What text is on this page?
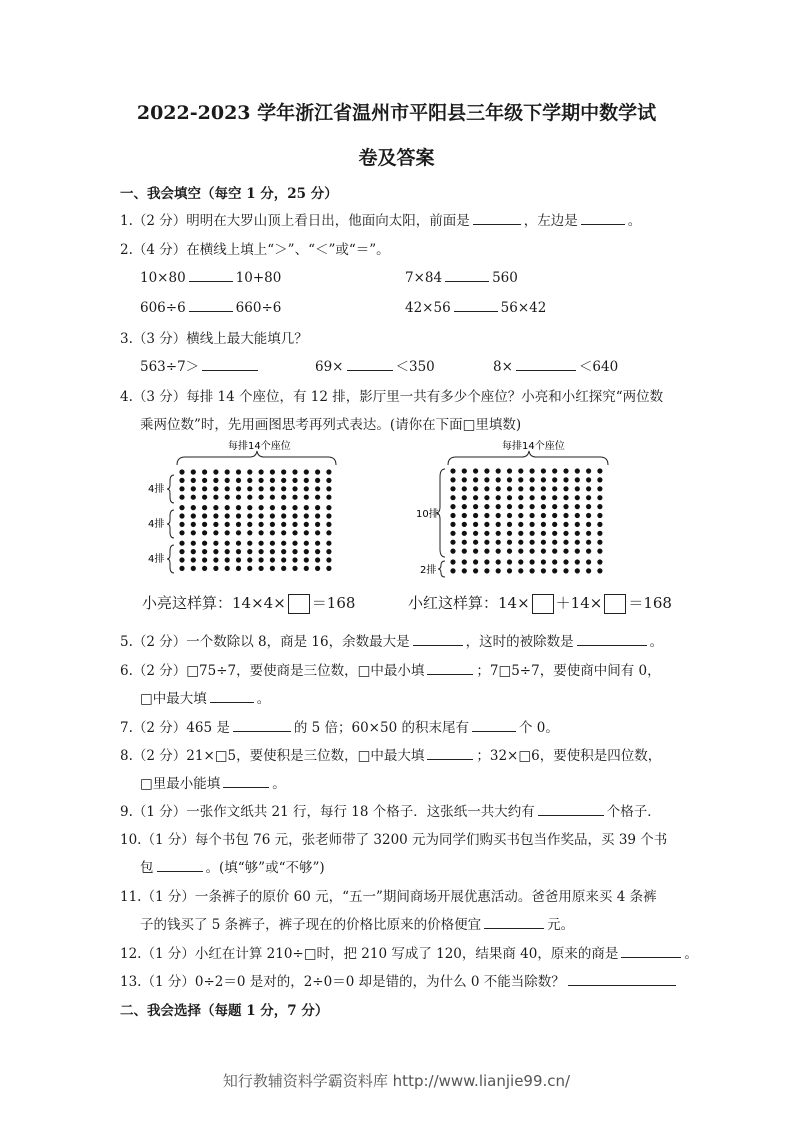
2022-2023 学年浙江省温州市平阳县三年级下学期中数学试
卷及答案
一、我会填空（每空 1 分，25 分）
1.（2 分）明明在大罗山顶上看日出，他面向太阳，前面是	，左边是	。
2.（4 分）在横线上填上“＞”、“＜”或“＝”。
10×80	10+80	7×84	560
606÷6	660÷6	42×56	56×42
3.（3 分）横线上最大能填几？
563÷7＞	69×	＜350	8×	＜640
4.（3 分）每排 14 个座位，有 12 排，影厅里一共有多少个座位？小亮和小红探究“两位数
乘两位数”时，先用画图思考再列式表达。(请你在下面□里填数)
每排14个座位
4排
4排
4排
小亮这样算：14×4× ＝168
每排14个座位
10排
2排
小红这样算：14× ＋14× ＝168
5.（2 分）一个数除以 8，商是 16，余数最大是	，这时的被除数是	。
6.（2 分）□75÷7，要使商是三位数，□中最小填	；7□5÷7，要使商中间有 0，
□中最大填	。
7.（2 分）465 是	的 5 倍；60×50 的积末尾有	个 0。
8.（2 分）21×□5，要使积是三位数，□中最大填	；32×□6，要使积是四位数，
□里最小能填	。
9.（1 分）一张作文纸共 21 行，每行 18 个格子．这张纸一共大约有	个格子．
10.（1 分）每个书包 76 元，张老师带了 3200 元为同学们购买书包当作奖品，买 39 个书
包	。(填“够”或“不够”)
11.（1 分）一条裤子的原价 60 元，“五一”期间商场开展优惠活动。爸爸用原来买 4 条裤
子的钱买了 5 条裤子，裤子现在的价格比原来的价格便宜	元。
12.（1 分）小红在计算 210÷□时，把 210 写成了 120，结果商 40，原来的商是	。
13.（1 分）0÷2＝0 是对的，2÷0＝0 却是错的，为什么 0 不能当除数？
二、我会选择（每题 1 分，7 分）
知行教辅资料学霸资料库 http://www.lianjie99.cn/
